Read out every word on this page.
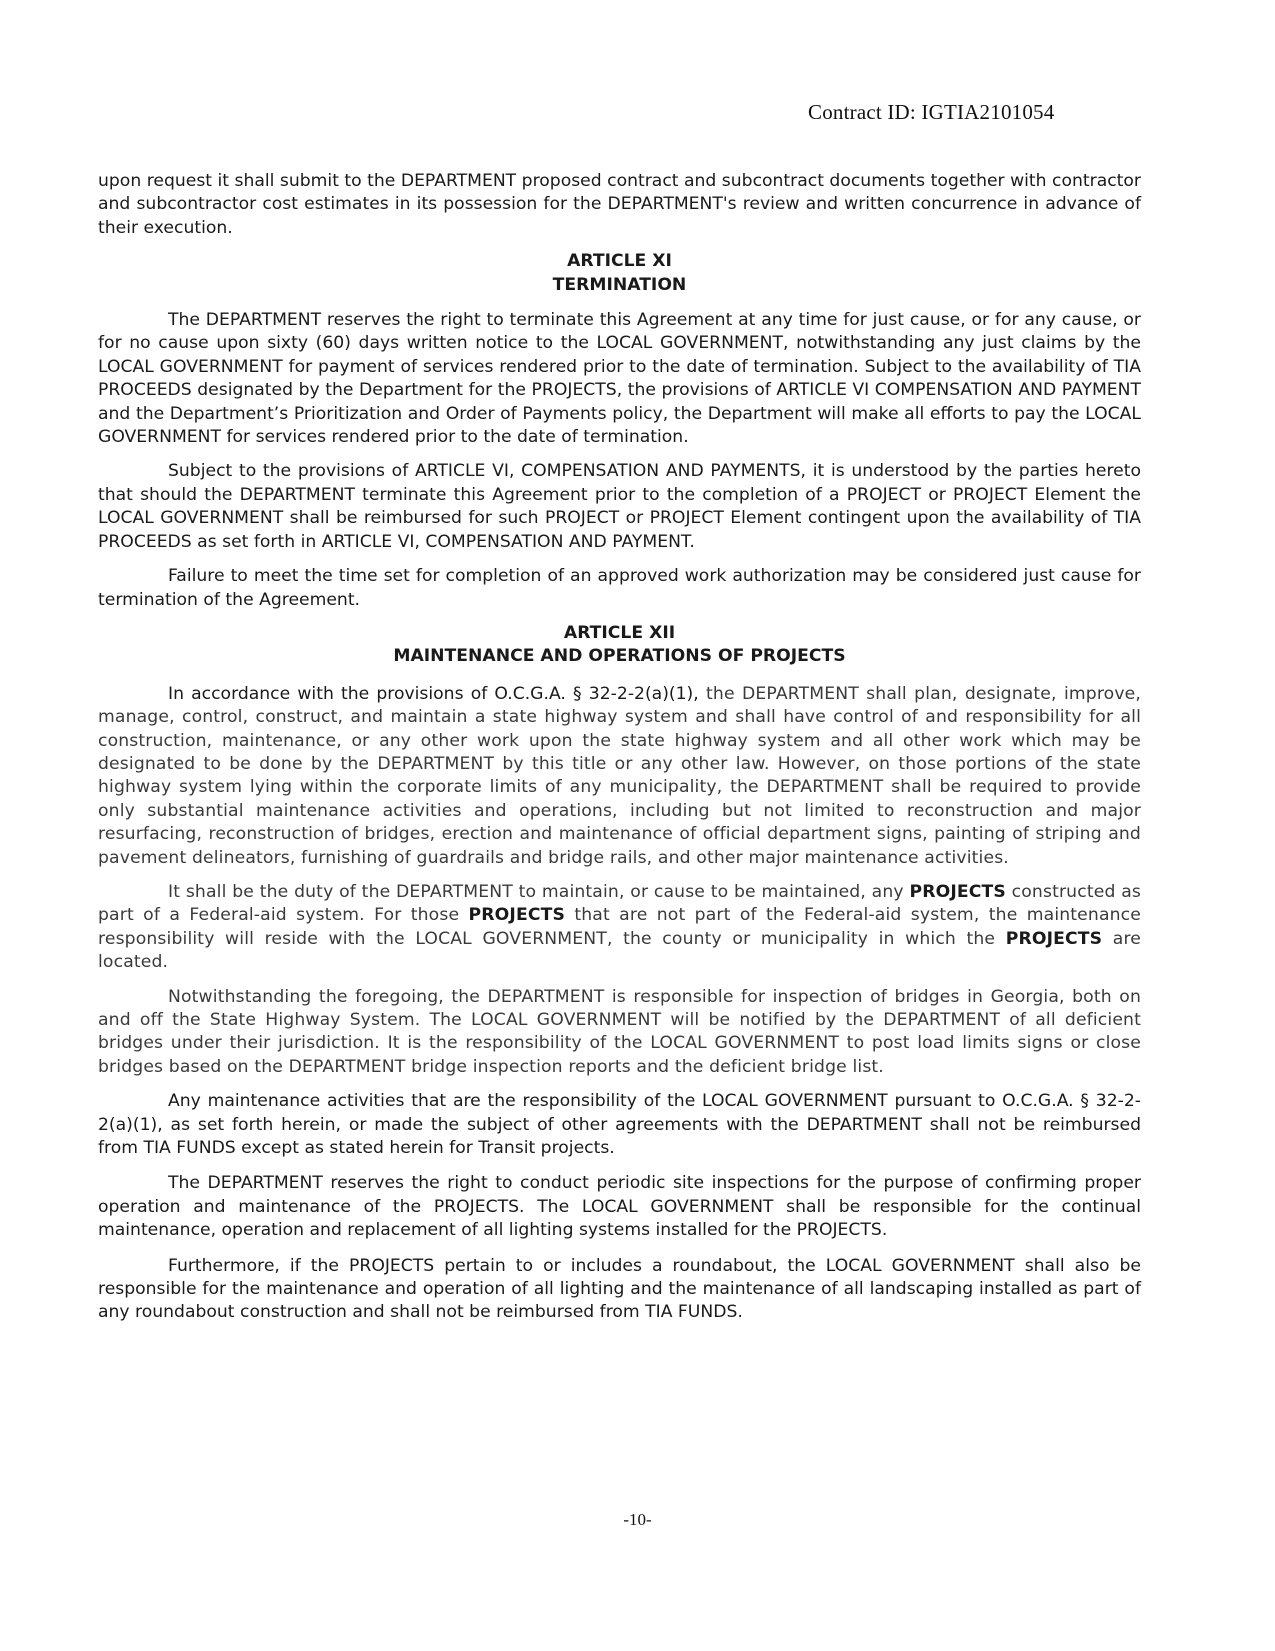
Contract ID: IGTIA2101054

upon request it shall submit to the DEPARTMENT proposed contract and subcontract documents together with contractor and subcontractor cost estimates in its possession for the DEPARTMENT's review and written concurrence in advance of their execution.

ARTICLE XI

TERMINATION

The DEPARTMENT reserves the right to terminate this Agreement at any time for just cause, or for any cause, or for no cause upon sixty (60) days written notice to the LOCAL GOVERNMENT, notwithstanding any just claims by the LOCAL GOVERNMENT for payment of services rendered prior to the date of termination. Subject to the availability of TIA PROCEEDS designated by the Department for the PROJECTS, the provisions of ARTICLE VI COMPENSATION AND PAYMENT and the Department’s Prioritization and Order of Payments policy, the Department will make all efforts to pay the LOCAL GOVERNMENT for services rendered prior to the date of termination.

Subject to the provisions of ARTICLE VI, COMPENSATION AND PAYMENTS, it is understood by the parties hereto that should the DEPARTMENT terminate this Agreement prior to the completion of a PROJECT or PROJECT Element the LOCAL GOVERNMENT shall be reimbursed for such PROJECT or PROJECT Element contingent upon the availability of TIA PROCEEDS as set forth in ARTICLE VI, COMPENSATION AND PAYMENT.

Failure to meet the time set for completion of an approved work authorization may be considered just cause for termination of the Agreement.

ARTICLE XII

MAINTENANCE AND OPERATIONS OF PROJECTS

In accordance with the provisions of O.C.G.A. § 32-2-2(a)(1), the DEPARTMENT shall plan, designate, improve, manage, control, construct, and maintain a state highway system and shall have control of and responsibility for all construction, maintenance, or any other work upon the state highway system and all other work which may be designated to be done by the DEPARTMENT by this title or any other law. However, on those portions of the state highway system lying within the corporate limits of any municipality, the DEPARTMENT shall be required to provide only substantial maintenance activities and operations, including but not limited to reconstruction and major resurfacing, reconstruction of bridges, erection and maintenance of official department signs, painting of striping and pavement delineators, furnishing of guardrails and bridge rails, and other major maintenance activities.

It shall be the duty of the DEPARTMENT to maintain, or cause to be maintained, any PROJECTS constructed as part of a Federal-aid system. For those PROJECTS that are not part of the Federal-aid system, the maintenance responsibility will reside with the LOCAL GOVERNMENT, the county or municipality in which the PROJECTS are located.

Notwithstanding the foregoing, the DEPARTMENT is responsible for inspection of bridges in Georgia, both on and off the State Highway System. The LOCAL GOVERNMENT will be notified by the DEPARTMENT of all deficient bridges under their jurisdiction. It is the responsibility of the LOCAL GOVERNMENT to post load limits signs or close bridges based on the DEPARTMENT bridge inspection reports and the deficient bridge list.

Any maintenance activities that are the responsibility of the LOCAL GOVERNMENT pursuant to O.C.G.A. § 32-2-2(a)(1), as set forth herein, or made the subject of other agreements with the DEPARTMENT shall not be reimbursed from TIA FUNDS except as stated herein for Transit projects.

The DEPARTMENT reserves the right to conduct periodic site inspections for the purpose of confirming proper operation and maintenance of the PROJECTS. The LOCAL GOVERNMENT shall be responsible for the continual maintenance, operation and replacement of all lighting systems installed for the PROJECTS.

Furthermore, if the PROJECTS pertain to or includes a roundabout, the LOCAL GOVERNMENT shall also be responsible for the maintenance and operation of all lighting and the maintenance of all landscaping installed as part of any roundabout construction and shall not be reimbursed from TIA FUNDS.

-10-
